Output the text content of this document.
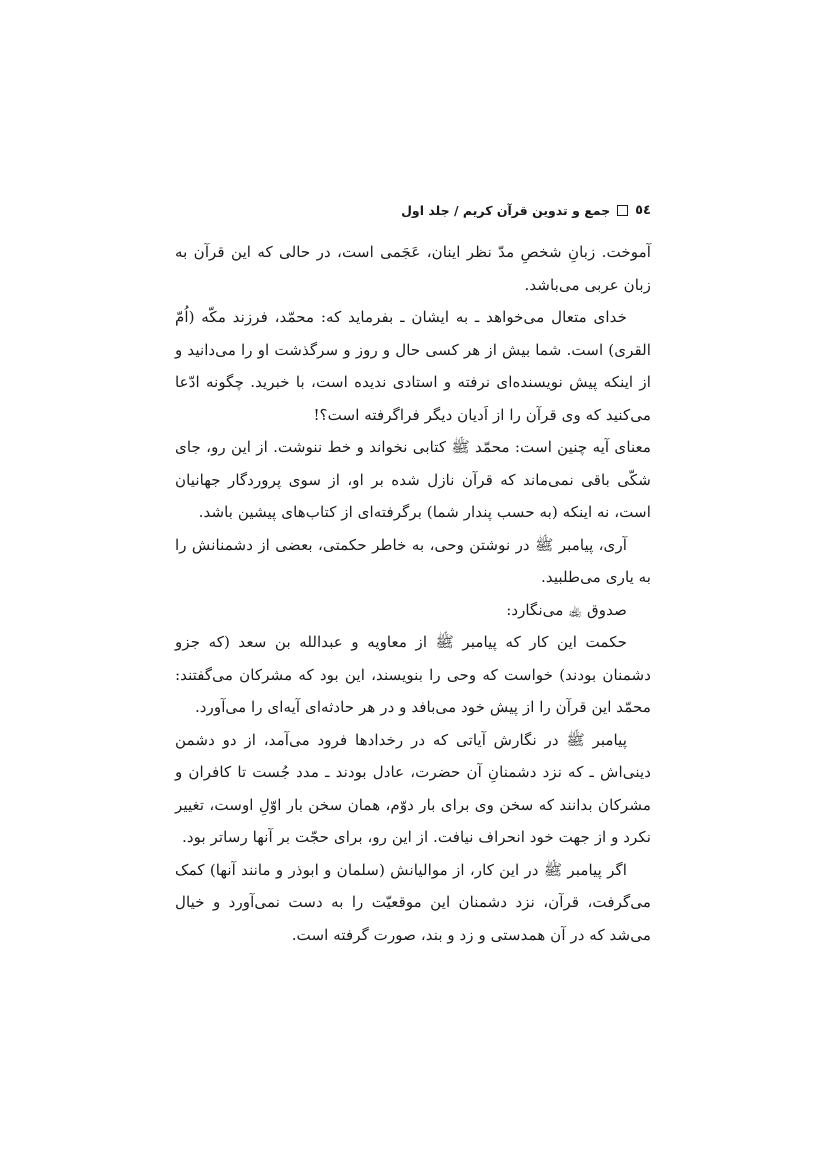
جمع و تدوین قرآن کریم / جلد اول ٥٤

آموخت. زبانِ شخصِ مدّ نظر اینان، عَجَمی است، در حالی که این قرآن به زبان عربی می‌باشد.

خدای متعال می‌خواهد ـ به ایشان ـ بفرماید که: محمّد، فرزند مکّه (اُمّ القری) است. شما بیش از هر کسی حال و روز و سرگذشت او را می‌دانید و از اینکه پیش نویسنده‌ای نرفته و استادی ندیده است، با خبرید. چگونه ادّعا می‌کنید که وی قرآن را از اَدیان دیگر فراگرفته است؟!

معنای آیه چنین است: محمّد ﷺ کتابی نخواند و خط ننوشت. از این رو، جای شکّی باقی نمی‌ماند که قرآن نازل شده بر او، از سوی پروردگار جهانیان است، نه اینکه (به حسب پندار شما) برگرفته‌ای از کتاب‌های پیشین باشد.

آری، پیامبر ﷺ در نوشتن وحی، به خاطر حکمتی، بعضی از دشمنانش را به یاری می‌طلبید.

صدوق ﵀ می‌نگارد:

حکمت این کار که پیامبر ﷺ از معاویه و عبدالله بن سعد (که جزو دشمنان بودند) خواست که وحی را بنویسند، این بود که مشرکان می‌گفتند: محمّد این قرآن را از پیش خود می‌بافد و در هر حادثه‌ای آیه‌ای را می‌آورد.

پیامبر ﷺ در نگارش آیاتی که در رخدادها فرود می‌آمد، از دو دشمن دینی‌اش ـ که نزد دشمنانِ آن حضرت، عادل بودند ـ مدد جُست تا کافران و مشرکان بدانند که سخن وی برای بار دوّم، همان سخن بار اوّلِ اوست، تغییر نکرد و از جهت خود انحراف نیافت. از این رو، برای حجّت بر آنها رساتر بود.

اگر پیامبر ﷺ در این کار، از موالیانش (سلمان و ابوذر و مانند آنها) کمک می‌گرفت، قرآن، نزد دشمنان این موقعیّت را به دست نمی‌آورد و خیال می‌شد که در آن همدستی و زد و بند، صورت گرفته است.
